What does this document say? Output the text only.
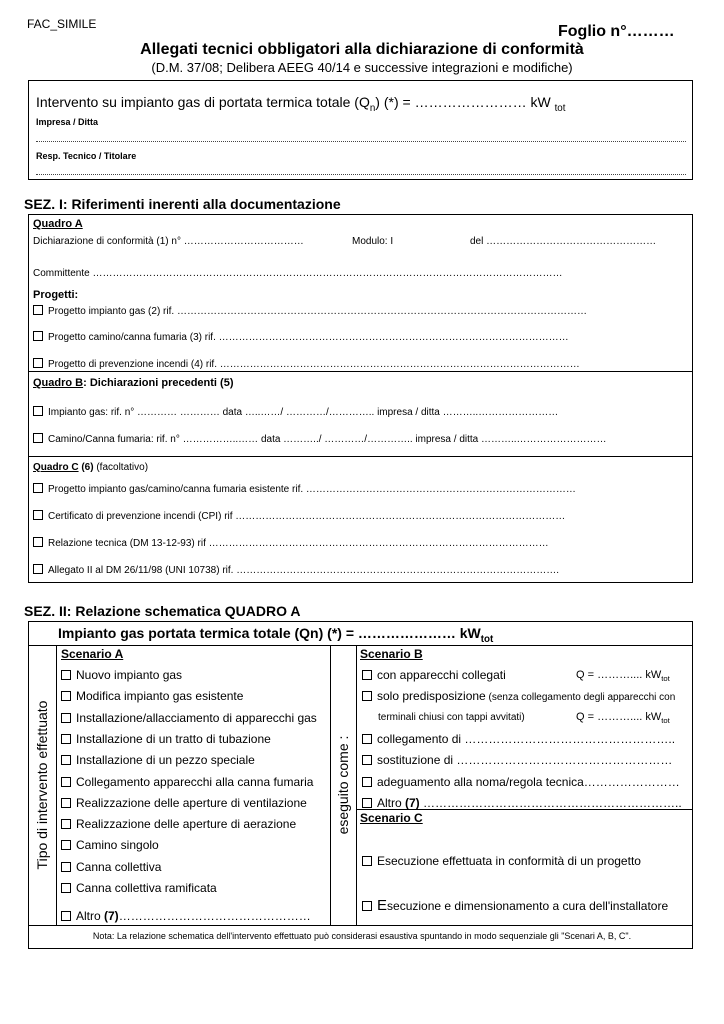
FAC_SIMILE	Foglio n°………
Allegati tecnici obbligatori alla dichiarazione di conformità
(D.M. 37/08; Delibera AEEG 40/14 e successive integrazioni e modifiche)
Intervento su impianto gas di portata termica totale $(Q_n)$ (*) = …………………… kW $_{tot}$
Impresa / Ditta
Resp. Tecnico / Titolare
SEZ. I: Riferimenti inerenti alla documentazione
Quadro A
Dichiarazione di conformità (1) n° ………………………………	Modulo: I	del ……………………………………………
Committente ……………………………………………………………………………………………………………………………
Progetti:
Progetto impianto gas (2) rif. ……………………………………………………………………………………………………………
Progetto camino/canna fumaria (3) rif. ……………………………………………………………………………………………
Progetto di prevenzione incendi (4) rif. ………………………………………………………………………………………………
Quadro B: Dichiarazioni precedenti (5)
Impianto gas: rif. n° ………… ………… data …..……/ …………/………….. impresa / ditta ………..……………………
Camino/Canna fumaria: rif. n° ……………..…… data ………../ …………/………….. impresa / ditta ………..………………………
Quadro C (6) (facoltativo)
Progetto impianto gas/camino/canna fumaria esistente rif. ………………………………………………………………………
Certificato di prevenzione incendi (CPI) rif ………………………………………………………………………………………
Relazione tecnica (DM 13-12-93) rif …………………………………………………………………………………………
Allegato II al DM 26/11/98 (UNI 10738) rif. …………………………………………………………………………………….
SEZ. II: Relazione schematica QUADRO A
Impianto gas portata termica totale (Qn) (*) = ………………… $kW_{tot}$
Tipo di intervento effettuato	eseguito come :
Scenario A
Nuovo impianto gas
Modifica impianto gas esistente
Installazione/allacciamento di apparecchi gas
Installazione di un tratto di tubazione
Installazione di un pezzo speciale
Collegamento apparecchi alla canna fumaria
Realizzazione delle aperture di ventilazione
Realizzazione delle aperture di aerazione
Camino singolo
Canna collettiva
Canna collettiva ramificata
Altro (7)…………………………………………
Scenario B
con apparecchi collegati	Q = ……….... $kW_{tot}$
solo predisposizione (senza collegamento degli apparecchi con
terminali chiusi con tappi avvitati)	Q = ……….... $kW_{tot}$
collegamento di ……………………………………………..
sostituzione di ………………………………………………
adeguamento alla noma/regola tecnica……………………
Altro (7) ………………………………………………………..
Scenario C
Esecuzione effettuata in conformità di un progetto
Esecuzione e dimensionamento a cura dell'installatore
Nota: La relazione schematica dell'intervento effettuato può considerasi esaustiva spuntando in modo sequenziale gli "Scenari A, B, C".
